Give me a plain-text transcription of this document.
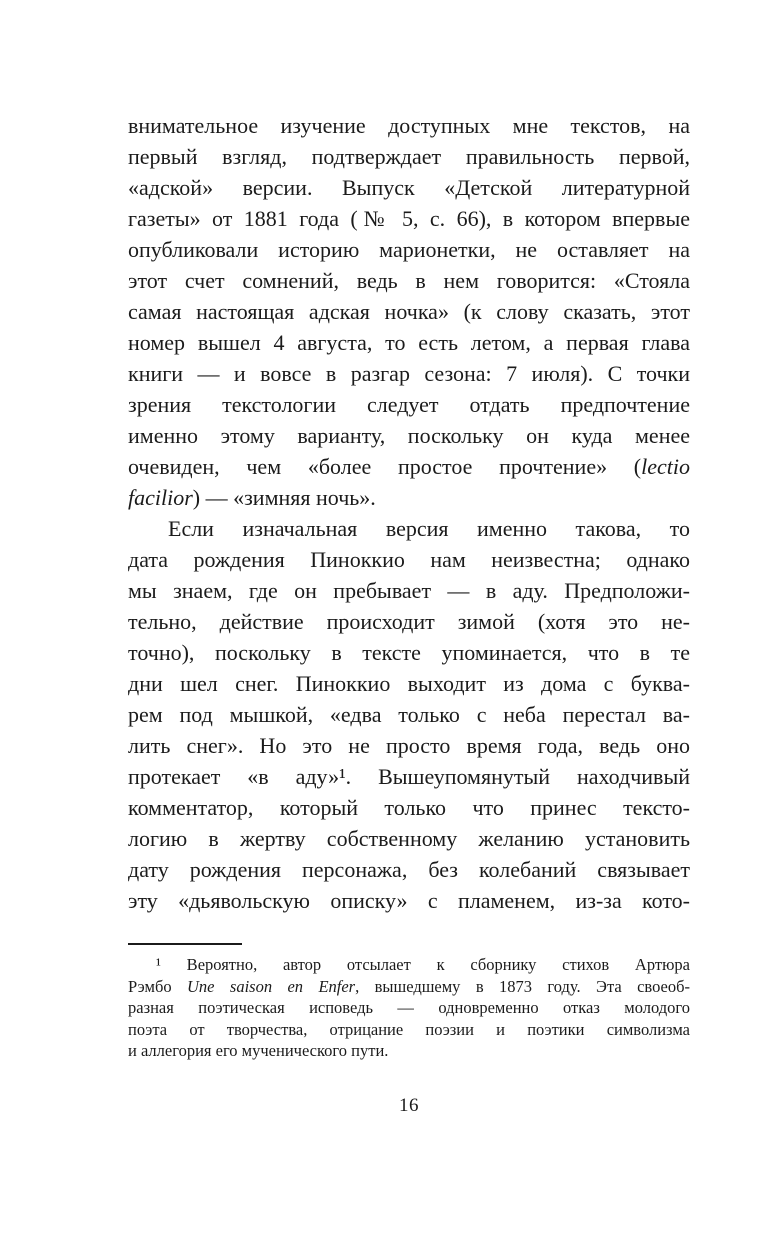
внимательное изучение доступных мне текстов, на
первый взгляд, подтверждает правильность первой,
«адской» версии. Выпуск «Детской литературной
газеты» от 1881 года (№ 5, с. 66), в котором впервые
опубликовали историю марионетки, не оставляет на
этот счет сомнений, ведь в нем говорится: «Стояла
самая настоящая адская ночка» (к слову сказать, этот
номер вышел 4 августа, то есть летом, а первая глава
книги — и вовсе в разгар сезона: 7 июля). С точки
зрения текстологии следует отдать предпочтение
именно этому варианту, поскольку он куда менее
очевиден, чем «более простое прочтение» (lectio
facilior) — «зимняя ночь».
Если изначальная версия именно такова, то
дата рождения Пиноккио нам неизвестна; однако
мы знаем, где он пребывает — в аду. Предположи-
тельно, действие происходит зимой (хотя это не-
точно), поскольку в тексте упоминается, что в те
дни шел снег. Пиноккио выходит из дома с буква-
рем под мышкой, «едва только с неба перестал ва-
лить снег». Но это не просто время года, ведь оно
протекает «в аду»¹. Вышеупомянутый находчивый
комментатор, который только что принес тексто-
логию в жертву собственному желанию установить
дату рождения персонажа, без колебаний связывает
эту «дьявольскую описку» с пламенем, из-за кото-
¹ Вероятно, автор отсылает к сборнику стихов Артюра
Рэмбо Une saison en Enfer, вышедшему в 1873 году. Эта своеоб-
разная поэтическая исповедь — одновременно отказ молодого
поэта от творчества, отрицание поэзии и поэтики символизма
и аллегория его мученического пути.
16
